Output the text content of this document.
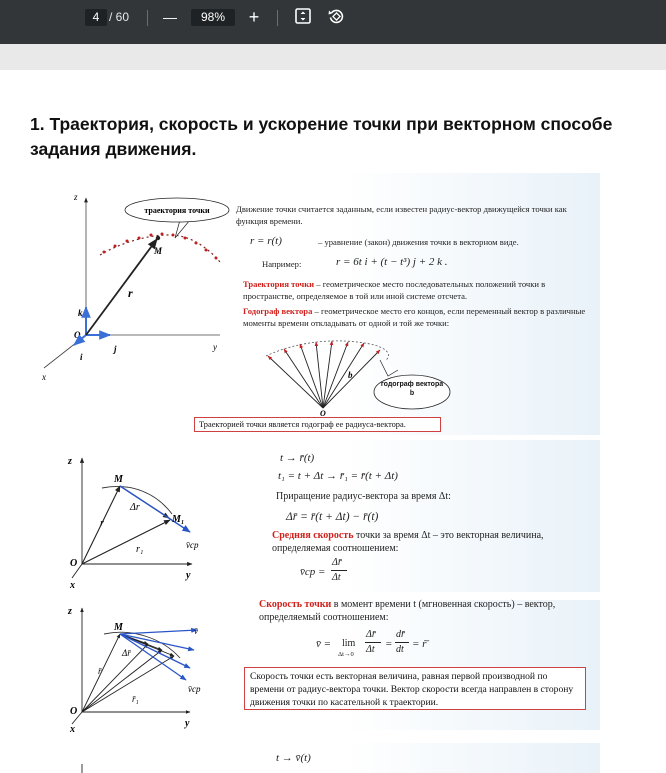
4 / 60 —	98%	+
1. Траектория, скорость и ускорение точки при векторном способе задания движения.
z
y
x
O
k
j
i
M
r
траектория точки	Движение точки считается заданным, если известен радиус-вектор движущейся точки как функция времени.
r = r(t)	– уравнение (закон) движения точки в векторном виде.
Например:	r = 6t i + (t − t³) j + 2 k .
Траектория точки – геометрическое место последовательных положений точки в пространстве, определяемое в той или иной системе отсчета.
Годограф вектора – геометрическое место его концов, если переменный вектор в различные моменты времени откладывать от одной и той же точки:
b
O
годограф вектора b
Траекторией точки является годограф ее радиуса-вектора.
z
y
x
O
M
M₁
r
Δr
r₁	v̄ср
t → r̄(t)
t₁ = t + Δt → r̄₁ = r̄(t + Δt)
Приращение радиус-вектора за время Δt:
Δr̄ = r̄(t + Δt) − r̄(t)
Средняя скорость точки за время Δt – это векторная величина, определяемая соотношением:
v̄ср =
Δr̄
Δt
z
y
x
O
M	v̄
v̄ср
r̄
Δr̄
r̄₁
Скорость точки в момент времени t (мгновенная скорость) – вектор, определяемый соотношением:
v̄ = lim
Δt→0
Δr̄
Δt =
dr̄
dt = ṙ̄
Скорость точки есть векторная величина, равная первой производной по времени от радиус-вектора точки. Вектор скорости всегда направлен в сторону движения точки по касательной к траектории.
t → v̄(t)
